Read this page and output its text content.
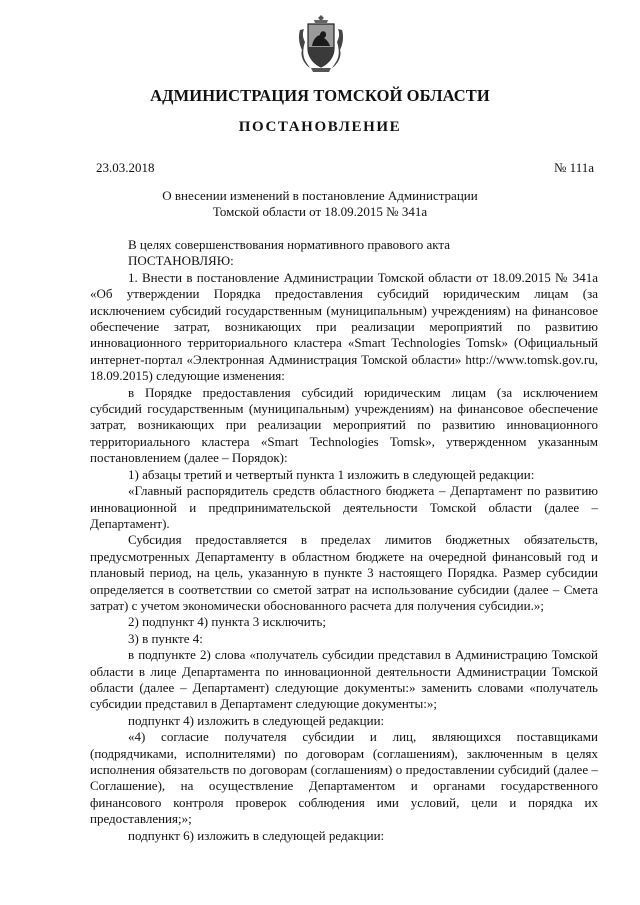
АДМИНИСТРАЦИЯ ТОМСКОЙ ОБЛАСТИ
ПОСТАНОВЛЕНИЕ
23.03.2018	№ 111а
О внесении изменений в постановление Администрации Томской области от 18.09.2015 № 341а

В целях совершенствования нормативного правового акта

ПОСТАНОВЛЯЮ:

1. Внести в постановление Администрации Томской области от 18.09.2015 № 341а «Об утверждении Порядка предоставления субсидий юридическим лицам (за исключением субсидий государственным (муниципальным) учреждениям) на финансовое обеспечение затрат, возникающих при реализации мероприятий по развитию инновационного территориального кластера «Smart Technologies Tomsk» (Официальный интернет-портал «Электронная Администрация Томской области» http://www.tomsk.gov.ru, 18.09.2015) следующие изменения:

в Порядке предоставления субсидий юридическим лицам (за исключением субсидий государственным (муниципальным) учреждениям) на финансовое обеспечение затрат, возникающих при реализации мероприятий по развитию инновационного территориального кластера «Smart Technologies Tomsk», утвержденном указанным постановлением (далее – Порядок):

1) абзацы третий и четвертый пункта 1 изложить в следующей редакции:

«Главный распорядитель средств областного бюджета – Департамент по развитию инновационной и предпринимательской деятельности Томской области (далее – Департамент).

Субсидия предоставляется в пределах лимитов бюджетных обязательств, предусмотренных Департаменту в областном бюджете на очередной финансовый год и плановый период, на цель, указанную в пункте 3 настоящего Порядка. Размер субсидии определяется в соответствии со сметой затрат на использование субсидии (далее – Смета затрат) с учетом экономически обоснованного расчета для получения субсидии.»;

2) подпункт 4) пункта 3 исключить;

3) в пункте 4:

в подпункте 2) слова «получатель субсидии представил в Администрацию Томской области в лице Департамента по инновационной деятельности Администрации Томской области (далее – Департамент) следующие документы:» заменить словами «получатель субсидии представил в Департамент следующие документы:»;

подпункт 4) изложить в следующей редакции:

«4) согласие получателя субсидии и лиц, являющихся поставщиками (подрядчиками, исполнителями) по договорам (соглашениям), заключенным в целях исполнения обязательств по договорам (соглашениям) о предоставлении субсидий (далее – Соглашение), на осуществление Департаментом и органами государственного финансового контроля проверок соблюдения ими условий, цели и порядка их предоставления;»;

подпункт 6) изложить в следующей редакции:
